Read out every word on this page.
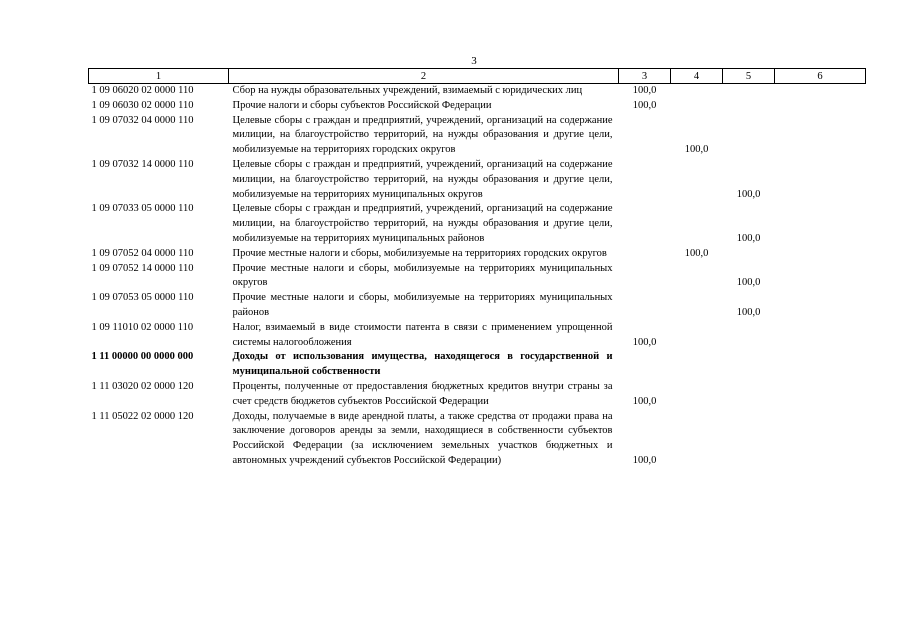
3
1	2	3	4	5	6
1 09 06020 02 0000 110	Сбор на нужды образовательных учреждений, взимаемый с юридических лиц	100,0			
1 09 06030 02 0000 110	Прочие налоги и сборы субъектов Российской Федерации	100,0			
1 09 07032 04 0000 110	Целевые сборы с граждан и предприятий, учреждений, организаций на содержание милиции, на благоустройство территорий, на нужды образования и другие цели, мобилизуемые на территориях городских округов		100,0		
1 09 07032 14 0000 110	Целевые сборы с граждан и предприятий, учреждений, организаций на содержание милиции, на благоустройство территорий, на нужды образования и другие цели, мобилизуемые на территориях муниципальных округов			100,0	
1 09 07033 05 0000 110	Целевые сборы с граждан и предприятий, учреждений, организаций на содержание милиции, на благоустройство территорий, на нужды образования и другие цели, мобилизуемые на территориях муниципальных районов			100,0	
1 09 07052 04 0000 110	Прочие местные налоги и сборы, мобилизуемые на территориях городских округов		100,0		
1 09 07052 14 0000 110	Прочие местные налоги и сборы, мобилизуемые на территориях муниципальных округов			100,0	
1 09 07053 05 0000 110	Прочие местные налоги и сборы, мобилизуемые на территориях муниципальных районов			100,0	
1 09 11010 02 0000 110	Налог, взимаемый в виде стоимости патента в связи с применением упрощенной системы налогообложения	100,0			
1 11 00000 00 0000 000	Доходы от использования имущества, находящегося в государственной и муниципальной собственности				
1 11 03020 02 0000 120	Проценты, полученные от предоставления бюджетных кредитов внутри страны за счет средств бюджетов субъектов Российской Федерации	100,0			
1 11 05022 02 0000 120	Доходы, получаемые в виде арендной платы, а также средства от продажи права на заключение договоров аренды за земли, находящиеся в собственности субъектов Российской Федерации (за исключением земельных участков бюджетных и автономных учреждений субъектов Российской Федерации)	100,0			
